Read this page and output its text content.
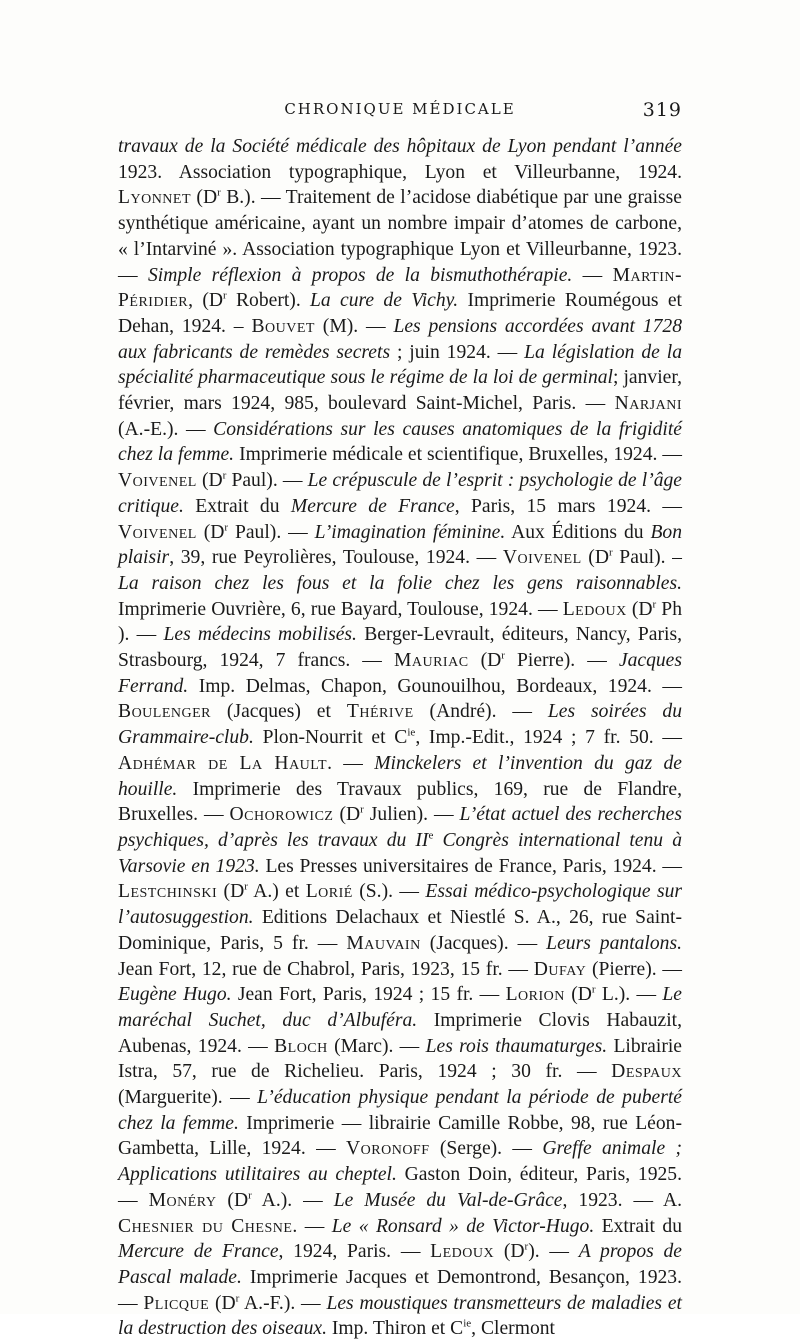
CHRONIQUE MÉDICALE	319

travaux de la Société médicale des hôpitaux de Lyon pendant l’année 1923. Association typographique, Lyon et Villeurbanne, 1924. Lyonnet ($D^r$ B.). — Traitement de l’acidose diabétique par une graisse synthétique américaine, ayant un nombre impair d’atomes de carbone, « l’Intarviné ». Association typographique Lyon et Villeurbanne, 1923. — Simple réflexion à propos de la bismuthothérapie. — Martin-Péridier, ($D^r$ Robert). La cure de Vichy. Imprimerie Roumégous et Dehan, 1924. – Bouvet (M). — Les pensions accordées avant 1728 aux fabricants de remèdes secrets ; juin 1924. — La législation de la spécialité pharmaceutique sous le régime de la loi de germinal; janvier, février, mars 1924, 985, boulevard Saint-Michel, Paris. — Narjani (A.-E.). — Considérations sur les causes anatomiques de la frigidité chez la femme. Imprimerie médicale et scientifique, Bruxelles, 1924. — Voivenel ($D^r$ Paul). — Le crépuscule de l’esprit : psychologie de l’âge critique. Extrait du Mercure de France, Paris, 15 mars 1924. — Voivenel ($D^r$ Paul). — L’imagination féminine. Aux Éditions du Bon plaisir, 39, rue Peyrolières, Toulouse, 1924. — Voivenel ($D^r$ Paul). – La raison chez les fous et la folie chez les gens raisonnables. Imprimerie Ouvrière, 6, rue Bayard, Toulouse, 1924. — Ledoux ($D^r$ Ph ). — Les médecins mobilisés. Berger-Levrault, éditeurs, Nancy, Paris, Strasbourg, 1924, 7 francs. — Mauriac ($D^r$ Pierre). — Jacques Ferrand. Imp. Delmas, Chapon, Gounouilhou, Bordeaux, 1924. — Boulenger (Jacques) et Thérive (André). — Les soirées du Grammaire-club. Plon-Nourrit et $C^{ie}$, Imp.-Edit., 1924 ; 7 fr. 50. — Adhémar de La Hault. — Minckelers et l’invention du gaz de houille. Imprimerie des Travaux publics, 169, rue de Flandre, Bruxelles. — Ochorowicz ($D^r$ Julien). — L’état actuel des recherches psychiques, d’après les travaux du IIe Congrès international tenu à Varsovie en 1923. Les Presses universitaires de France, Paris, 1924. — Lestchinski ($D^r$ A.) et Lorié (S.). — Essai médico-psychologique sur l’autosuggestion. Editions Delachaux et Niestlé S. A., 26, rue Saint-Dominique, Paris, 5 fr. — Mauvain (Jacques). — Leurs pantalons. Jean Fort, 12, rue de Chabrol, Paris, 1923, 15 fr. — Dufay (Pierre). — Eugène Hugo. Jean Fort, Paris, 1924 ; 15 fr. — Lorion ($D^r$ L.). — Le maréchal Suchet, duc d’Albuféra. Imprimerie Clovis Habauzit, Aubenas, 1924. — Bloch (Marc). — Les rois thaumaturges. Librairie Istra, 57, rue de Richelieu. Paris, 1924 ; 30 fr. — Despaux (Marguerite). — L’éducation physique pendant la période de puberté chez la femme. Imprimerie — librairie Camille Robbe, 98, rue Léon-Gambetta, Lille, 1924. — Voronoff (Serge). — Greffe animale ; Applications utilitaires au cheptel. Gaston Doin, éditeur, Paris, 1925. — Monéry ($D^r$ A.). — Le Musée du Val-de-Grâce, 1923. — A. Chesnier du Chesne. — Le « Ronsard » de Victor-Hugo. Extrait du Mercure de France, 1924, Paris. — Ledoux $(D^r)$. — A propos de Pascal malade. Imprimerie Jacques et Demontrond, Besançon, 1923. — Plicque ($D^r$ A.-F.). — Les moustiques transmetteurs de maladies et la destruction des oiseaux. Imp. Thiron et $C^{ie}$, Clermont
